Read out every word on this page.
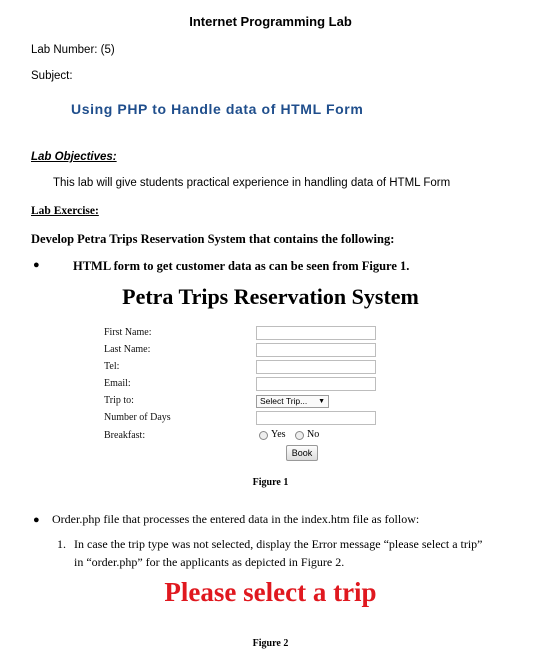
Internet Programming Lab
Lab Number: (5)
Subject:
Using PHP to Handle data of HTML Form
Lab Objectives:
This lab will give students practical experience in handling data of HTML Form
Lab Exercise:
Develop Petra Trips Reservation System that contains the following:
●	HTML form to get customer data as can be seen from Figure 1.
Petra Trips Reservation System
First Name:
Last Name:
Tel:
Email:
Trip to:	Select Trip... ▼
Number of Days
Breakfast:	Yes No
Book
Figure 1
● Order.php file that processes the entered data in the index.htm file as follow:
1. In case the trip type was not selected, display the Error message “please select a trip”
in “order.php” for the applicants as depicted in Figure 2.
Please select a trip
Figure 2
